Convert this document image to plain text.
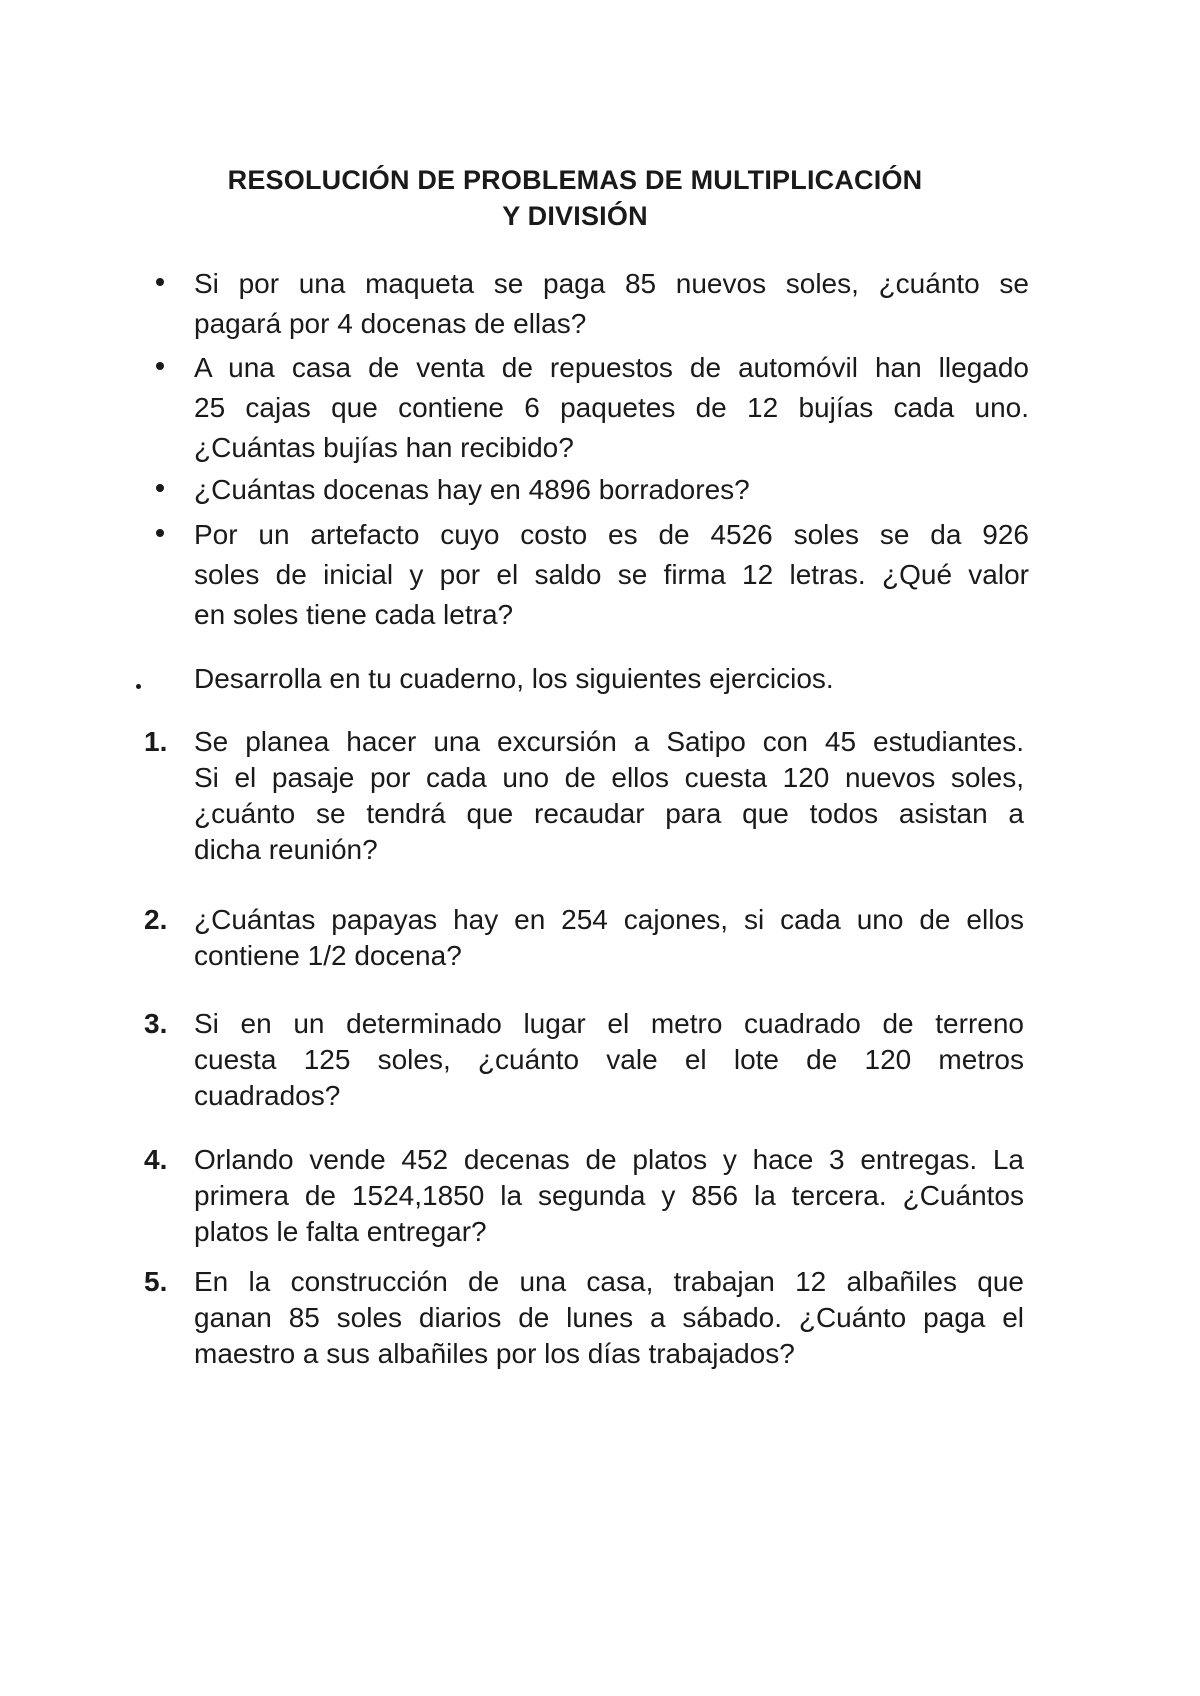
RESOLUCIÓN DE PROBLEMAS DE MULTIPLICACIÓN
Y DIVISIÓN
Si por una maqueta se paga 85 nuevos soles, ¿cuánto se
pagará por 4 docenas de ellas?
A una casa de venta de repuestos de automóvil han llegado
25 cajas que contiene 6 paquetes de 12 bujías cada uno.
¿Cuántas bujías han recibido?
¿Cuántas docenas hay en 4896 borradores?
Por un artefacto cuyo costo es de 4526 soles se da 926
soles de inicial y por el saldo se firma 12 letras. ¿Qué valor
en soles tiene cada letra?
Desarrolla en tu cuaderno, los siguientes ejercicios.
1. Se planea hacer una excursión a Satipo con 45 estudiantes.
Si el pasaje por cada uno de ellos cuesta 120 nuevos soles,
¿cuánto se tendrá que recaudar para que todos asistan a
dicha reunión?
2. ¿Cuántas papayas hay en 254 cajones, si cada uno de ellos
contiene 1/2 docena?
3. Si en un determinado lugar el metro cuadrado de terreno
cuesta 125 soles, ¿cuánto vale el lote de 120 metros
cuadrados?
4. Orlando vende 452 decenas de platos y hace 3 entregas. La
primera de 1524,1850 la segunda y 856 la tercera. ¿Cuántos
platos le falta entregar?
5. En la construcción de una casa, trabajan 12 albañiles que
ganan 85 soles diarios de lunes a sábado. ¿Cuánto paga el
maestro a sus albañiles por los días trabajados?
